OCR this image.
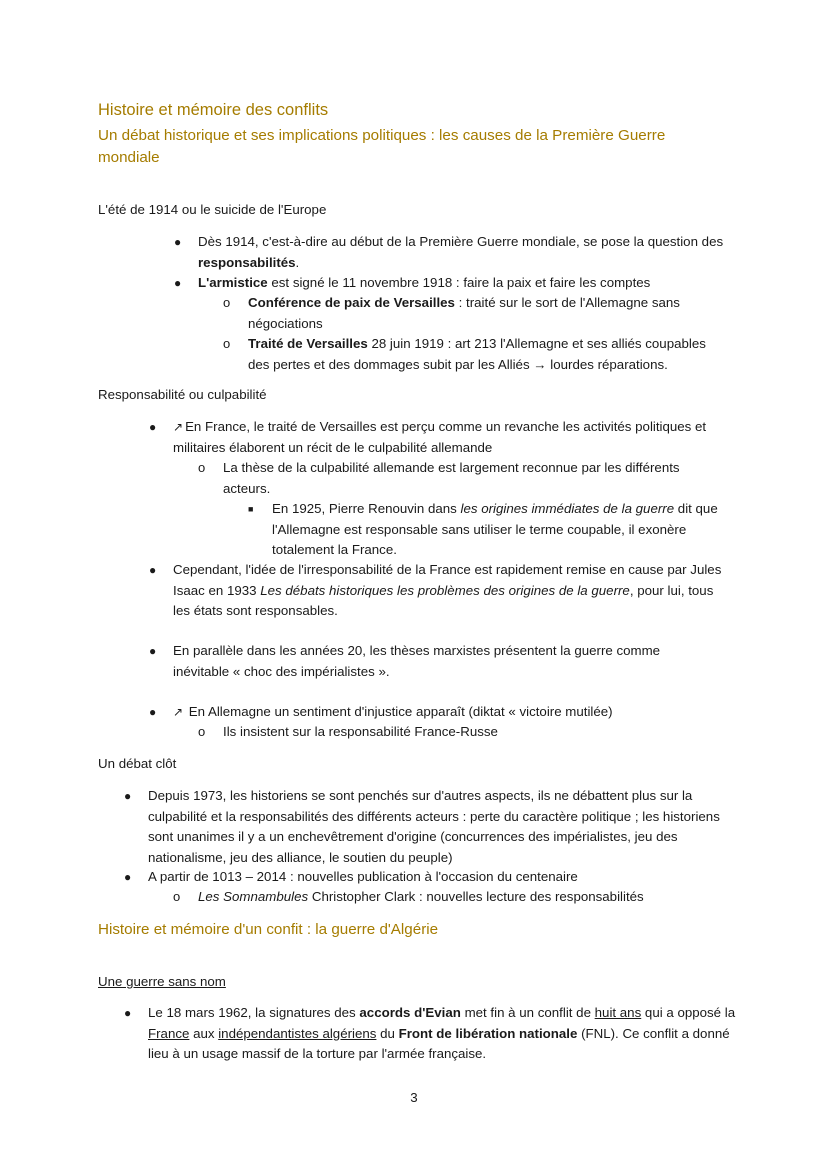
Histoire et mémoire des conflits
Un débat historique et ses implications politiques : les causes de la Première Guerre mondiale
L'été de 1914 ou le suicide de l'Europe
● Dès 1914, c'est-à-dire au début de la Première Guerre mondiale, se pose la question des responsabilités.
● L'armistice est signé le 11 novembre 1918 : faire la paix et faire les comptes
o Conférence de paix de Versailles : traité sur le sort de l'Allemagne sans négociations
o Traité de Versailles 28 juin 1919 : art 213 l'Allemagne et ses alliés coupables des pertes et des dommages subit par les Alliés → lourdes réparations.
Responsabilité ou culpabilité
● ↗ En France, le traité de Versailles est perçu comme un revanche les activités politiques et militaires élaborent un récit de le culpabilité allemande
o La thèse de la culpabilité allemande est largement reconnue par les différents acteurs.
■ En 1925, Pierre Renouvin dans les origines immédiates de la guerre dit que l'Allemagne est responsable sans utiliser le terme coupable, il exonère totalement la France.
● Cependant, l'idée de l'irresponsabilité de la France est rapidement remise en cause par Jules Isaac en 1933 Les débats historiques les problèmes des origines de la guerre, pour lui, tous les états sont responsables.
● En parallèle dans les années 20, les thèses marxistes présentent la guerre comme inévitable « choc des impérialistes ».
● ↗ En Allemagne un sentiment d'injustice apparaît (diktat « victoire mutilée)
o Ils insistent sur la responsabilité France-Russe
Un débat clôt
● Depuis 1973, les historiens se sont penchés sur d'autres aspects, ils ne débattent plus sur la culpabilité et la responsabilités des différents acteurs : perte du caractère politique ; les historiens sont unanimes il y a un enchevêtrement d'origine (concurrences des impérialistes, jeu des nationalisme, jeu des alliance, le soutien du peuple)
● A partir de 1013 – 2014 : nouvelles publication à l'occasion du centenaire
o Les Somnambules Christopher Clark : nouvelles lecture des responsabilités
Histoire et mémoire d'un confit : la guerre d'Algérie
Une guerre sans nom
● Le 18 mars 1962, la signatures des accords d'Evian met fin à un conflit de huit ans qui a opposé la France aux indépendantistes algériens du Front de libération nationale (FNL). Ce conflit a donné lieu à un usage massif de la torture par l'armée française.
3
